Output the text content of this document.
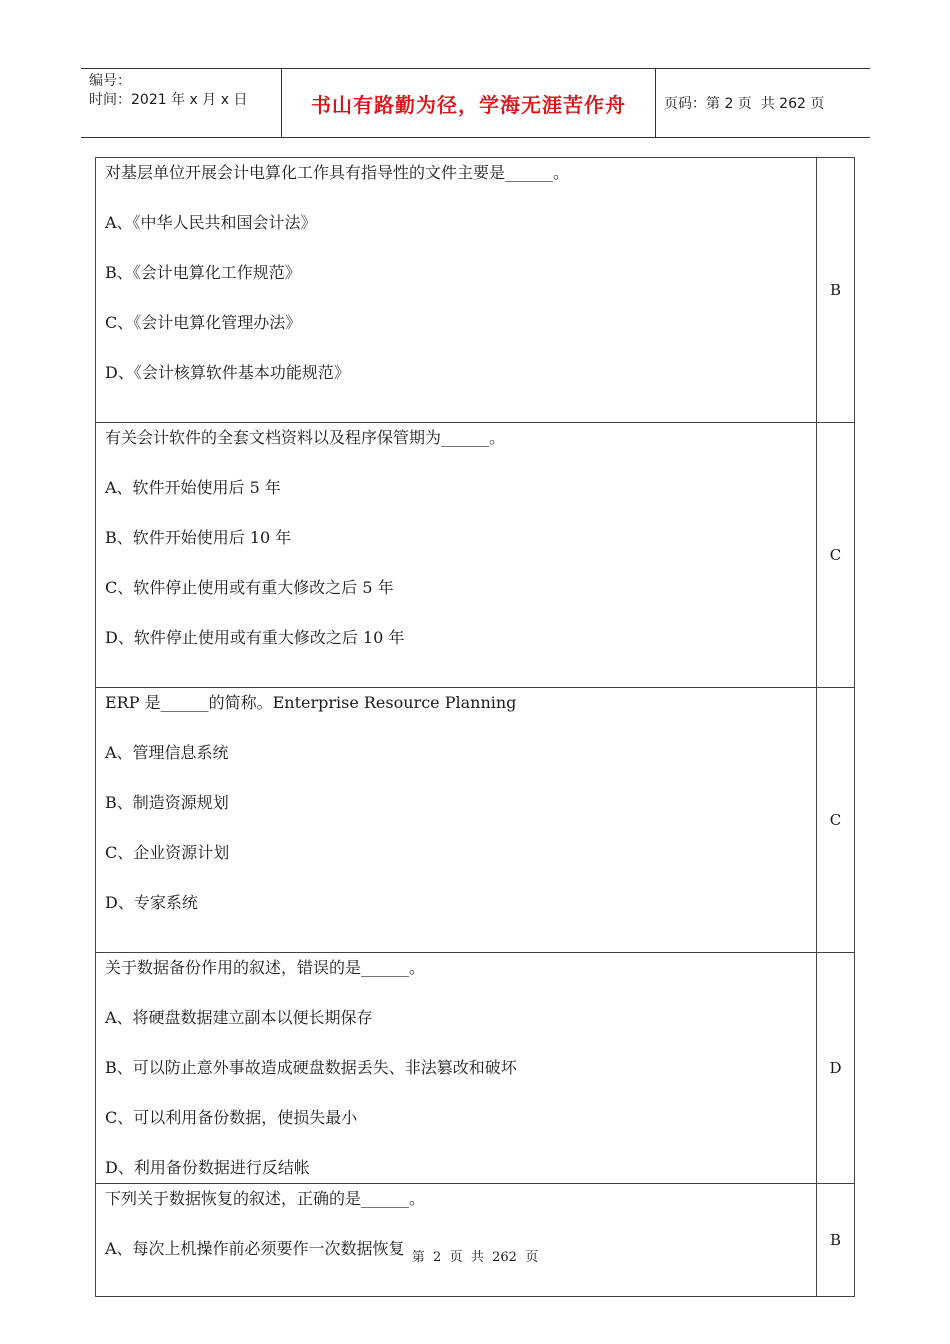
编号：
时间：2021 年 x 月 x 日	书山有路勤为径，学海无涯苦作舟	页码：第 2 页  共 262 页
对基层单位开展会计电算化工作具有指导性的文件主要是______。
A、《中华人民共和国会计法》
B、《会计电算化工作规范》
C、《会计电算化管理办法》
D、《会计核算软件基本功能规范》	B

有关会计软件的全套文档资料以及程序保管期为______。
A、软件开始使用后 5 年
B、软件开始使用后 10 年
C、软件停止使用或有重大修改之后 5 年
D、软件停止使用或有重大修改之后 10 年	C

ERP 是______的简称。Enterprise Resource Planning
A、管理信息系统
B、制造资源规划
C、企业资源计划
D、专家系统	C

关于数据备份作用的叙述，错误的是______。
A、将硬盘数据建立副本以便长期保存
B、可以防止意外事故造成硬盘数据丢失、非法篡改和破坏
C、可以利用备份数据，使损失最小
D、利用备份数据进行反结帐	D

下列关于数据恢复的叙述，正确的是______。
A、每次上机操作前必须要作一次数据恢复	B
第  2  页  共  262  页
